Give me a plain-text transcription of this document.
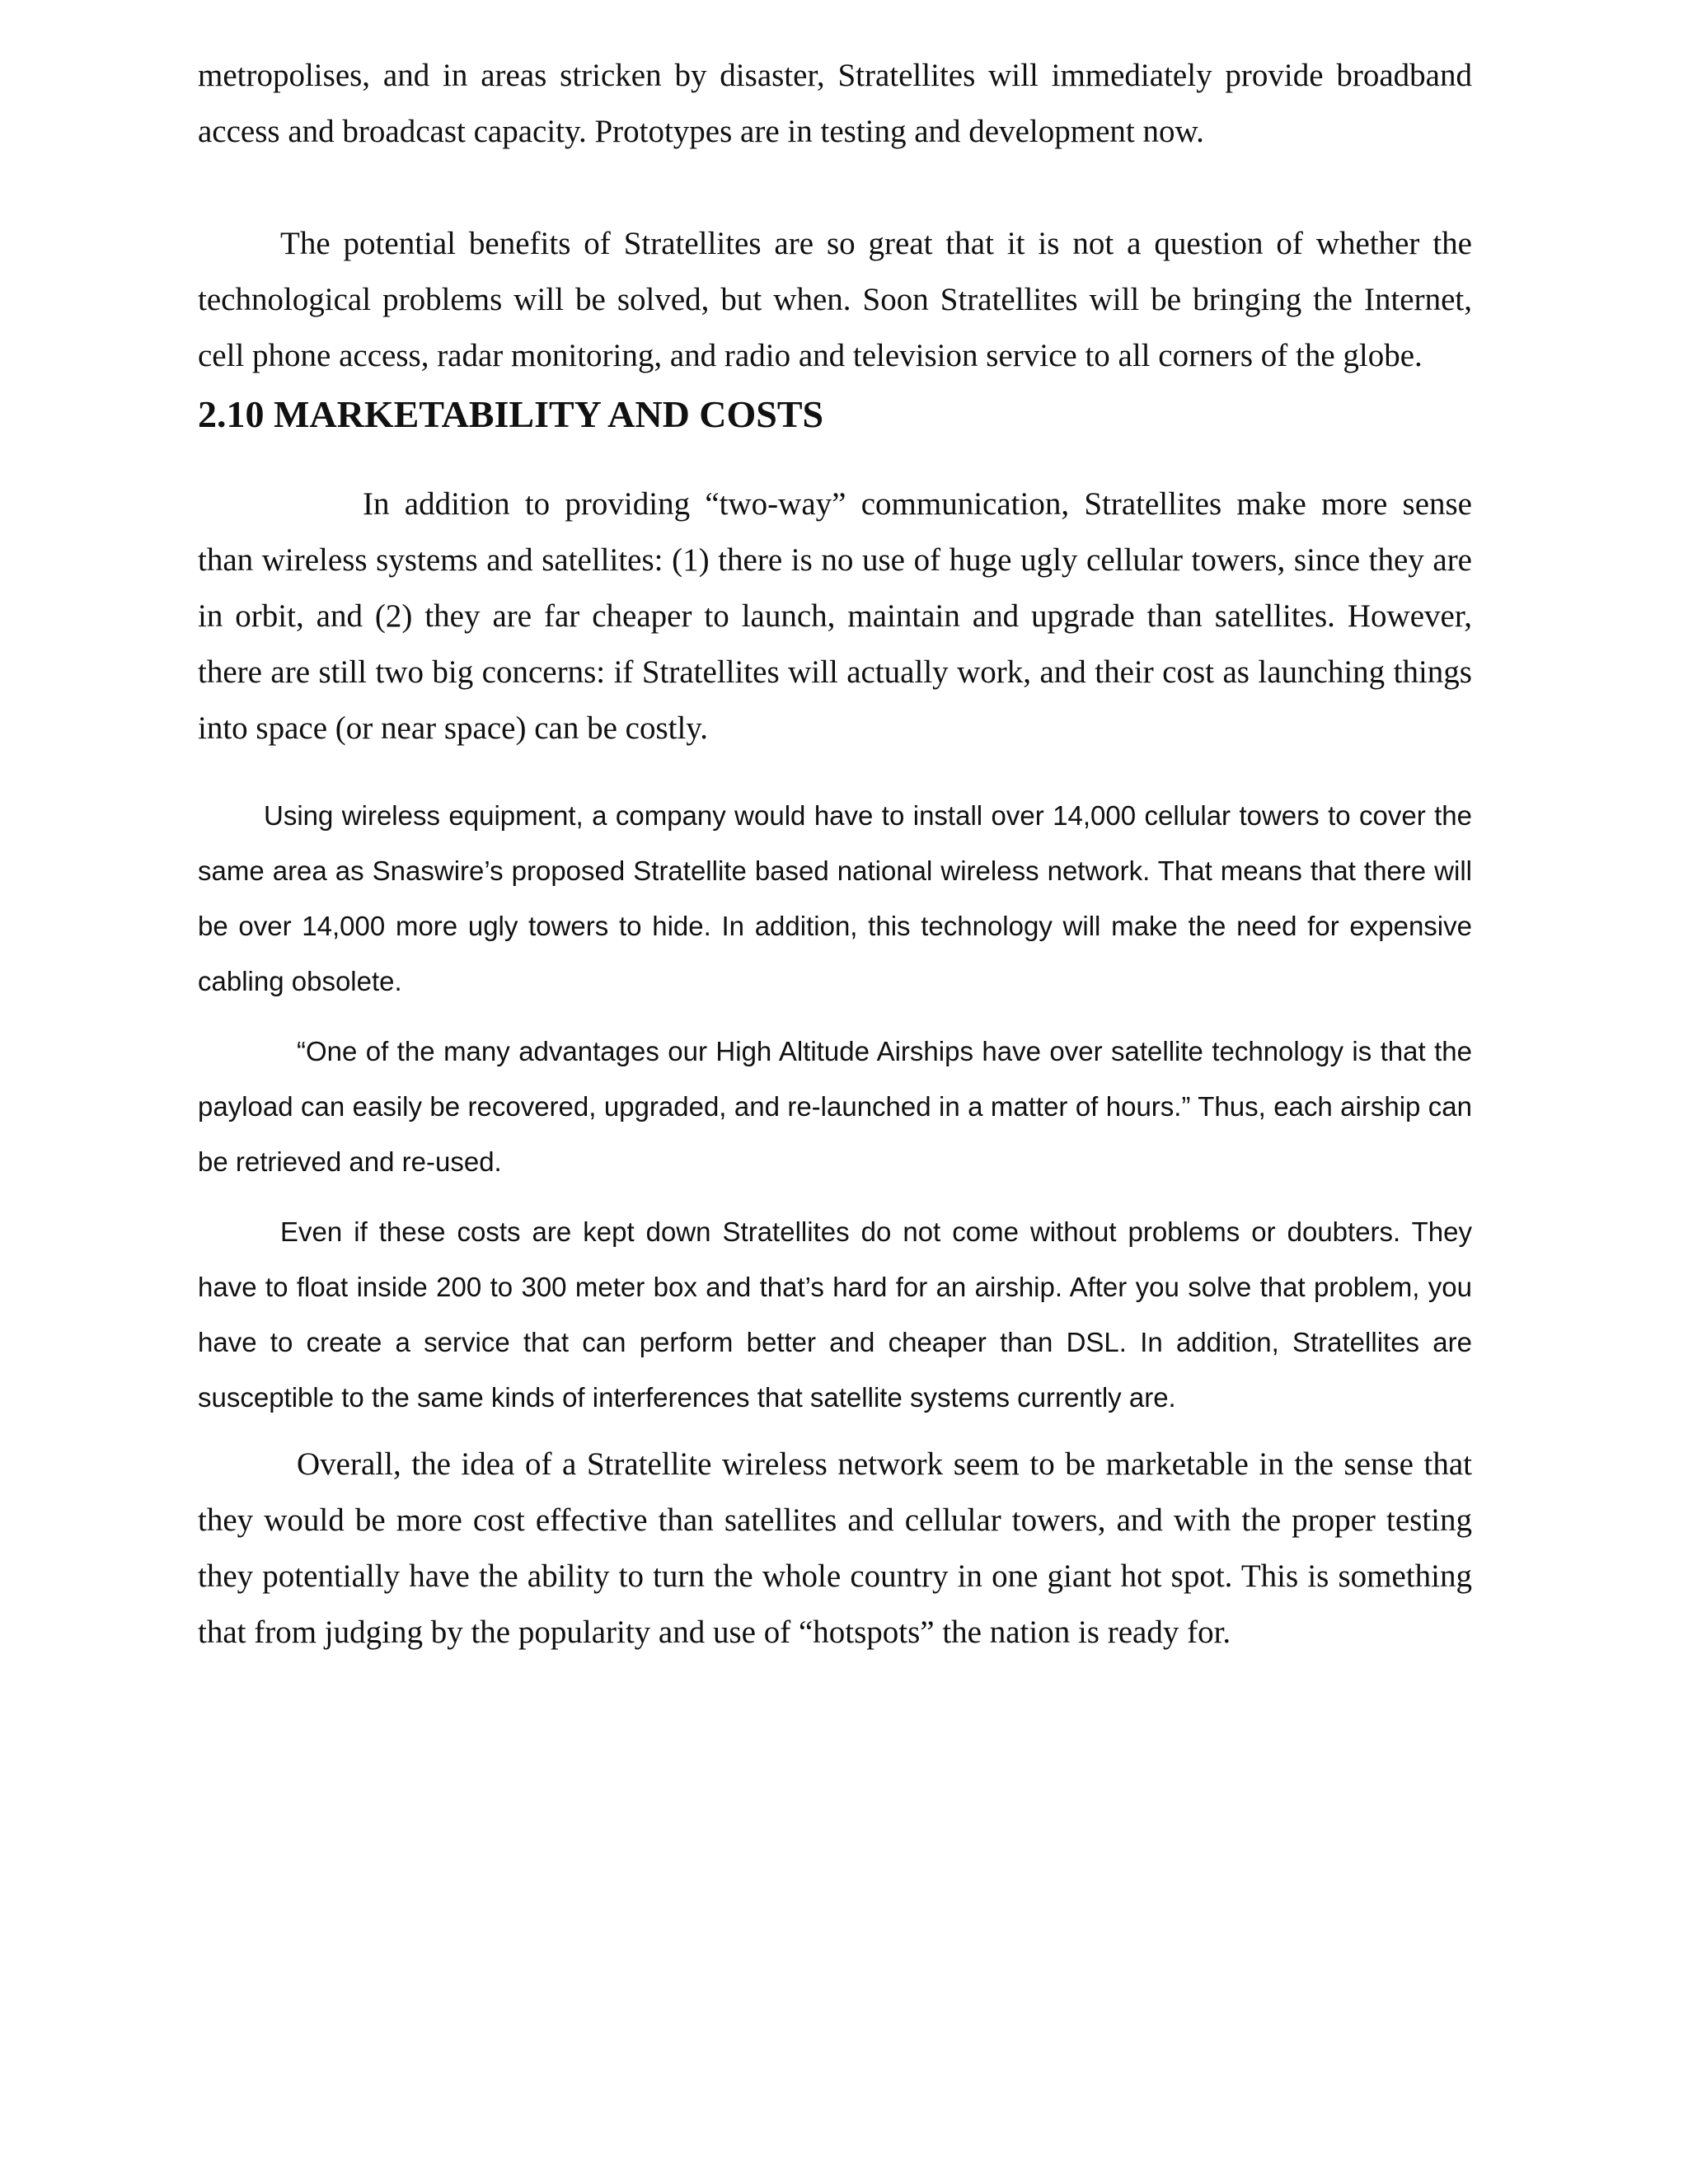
metropolises, and in areas stricken by disaster, Stratellites will immediately provide broadband access and broadcast capacity. Prototypes are in testing and development now.

The potential benefits of Stratellites are so great that it is not a question of whether the technological problems will be solved, but when. Soon Stratellites will be bringing the Internet, cell phone access, radar monitoring, and radio and television service to all corners of the globe.

2.10 MARKETABILITY AND COSTS

In addition to providing “two-way” communication, Stratellites make more sense than wireless systems and satellites: (1) there is no use of huge ugly cellular towers, since they are in orbit, and (2) they are far cheaper to launch, maintain and upgrade than satellites. However, there are still two big concerns: if Stratellites will actually work, and their cost as launching things into space (or near space) can be costly.

Using wireless equipment, a company would have to install over 14,000 cellular towers to cover the same area as Snaswire’s proposed Stratellite based national wireless network. That means that there will be over 14,000 more ugly towers to hide. In addition, this technology will make the need for expensive cabling obsolete.

“One of the many advantages our High Altitude Airships have over satellite technology is that the payload can easily be recovered, upgraded, and re-launched in a matter of hours.” Thus, each airship can be retrieved and re-used.

Even if these costs are kept down Stratellites do not come without problems or doubters. They have to float inside 200 to 300 meter box and that’s hard for an airship. After you solve that problem, you have to create a service that can perform better and cheaper than DSL. In addition, Stratellites are susceptible to the same kinds of interferences that satellite systems currently are.

Overall, the idea of a Stratellite wireless network seem to be marketable in the sense that they would be more cost effective than satellites and cellular towers, and with the proper testing they potentially have the ability to turn the whole country in one giant hot spot. This is something that from judging by the popularity and use of “hotspots” the nation is ready for.
